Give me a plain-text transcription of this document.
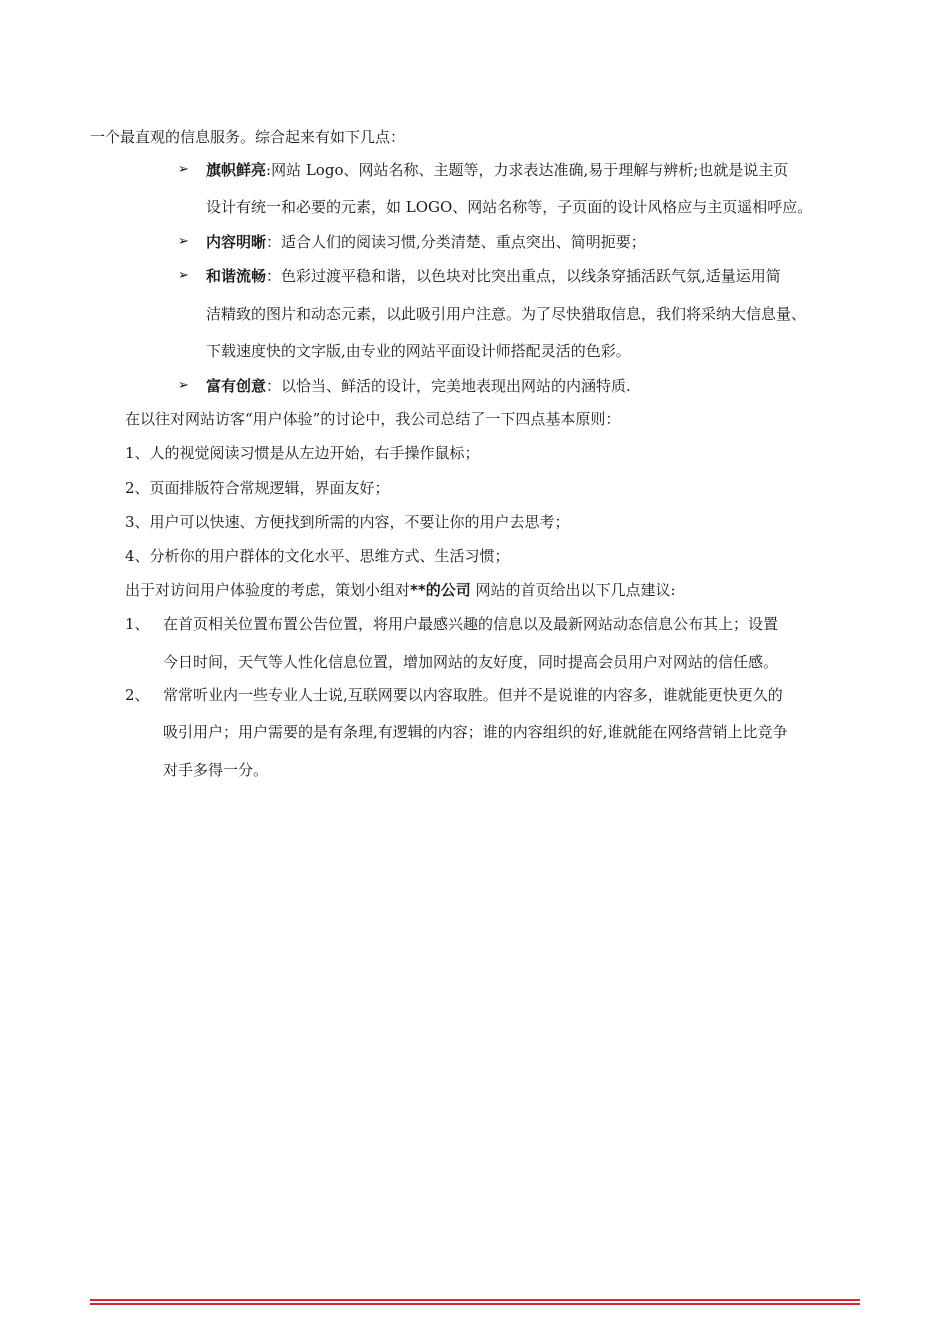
一个最直观的信息服务。综合起来有如下几点：
➢ 旗帜鲜亮:网站 Logo、网站名称、主题等，力求表达准确,易于理解与辨析;也就是说主页
设计有统一和必要的元素，如 LOGO、网站名称等，子页面的设计风格应与主页遥相呼应。
➢ 内容明晰：适合人们的阅读习惯,分类清楚、重点突出、简明扼要；
➢ 和谐流畅：色彩过渡平稳和谐，以色块对比突出重点，以线条穿插活跃气氛,适量运用简
洁精致的图片和动态元素，以此吸引用户注意。为了尽快猎取信息，我们将采纳大信息量、
下载速度快的文字版,由专业的网站平面设计师搭配灵活的色彩。
➢ 富有创意：以恰当、鲜活的设计，完美地表现出网站的内涵特质.
在以往对网站访客“用户体验”的讨论中，我公司总结了一下四点基本原则：
1、人的视觉阅读习惯是从左边开始，右手操作鼠标；
2、页面排版符合常规逻辑，界面友好；
3、用户可以快速、方便找到所需的内容，不要让你的用户去思考；
4、分析你的用户群体的文化水平、思维方式、生活习惯；
出于对访问用户体验度的考虑，策划小组对**的公司 网站的首页给出以下几点建议:
1、 在首页相关位置布置公告位置，将用户最感兴趣的信息以及最新网站动态信息公布其上；设置
今日时间，天气等人性化信息位置，增加网站的友好度，同时提高会员用户对网站的信任感。
2、 常常听业内一些专业人士说,互联网要以内容取胜。但并不是说谁的内容多，谁就能更快更久的
吸引用户；用户需要的是有条理,有逻辑的内容；谁的内容组织的好,谁就能在网络营销上比竞争
对手多得一分。
